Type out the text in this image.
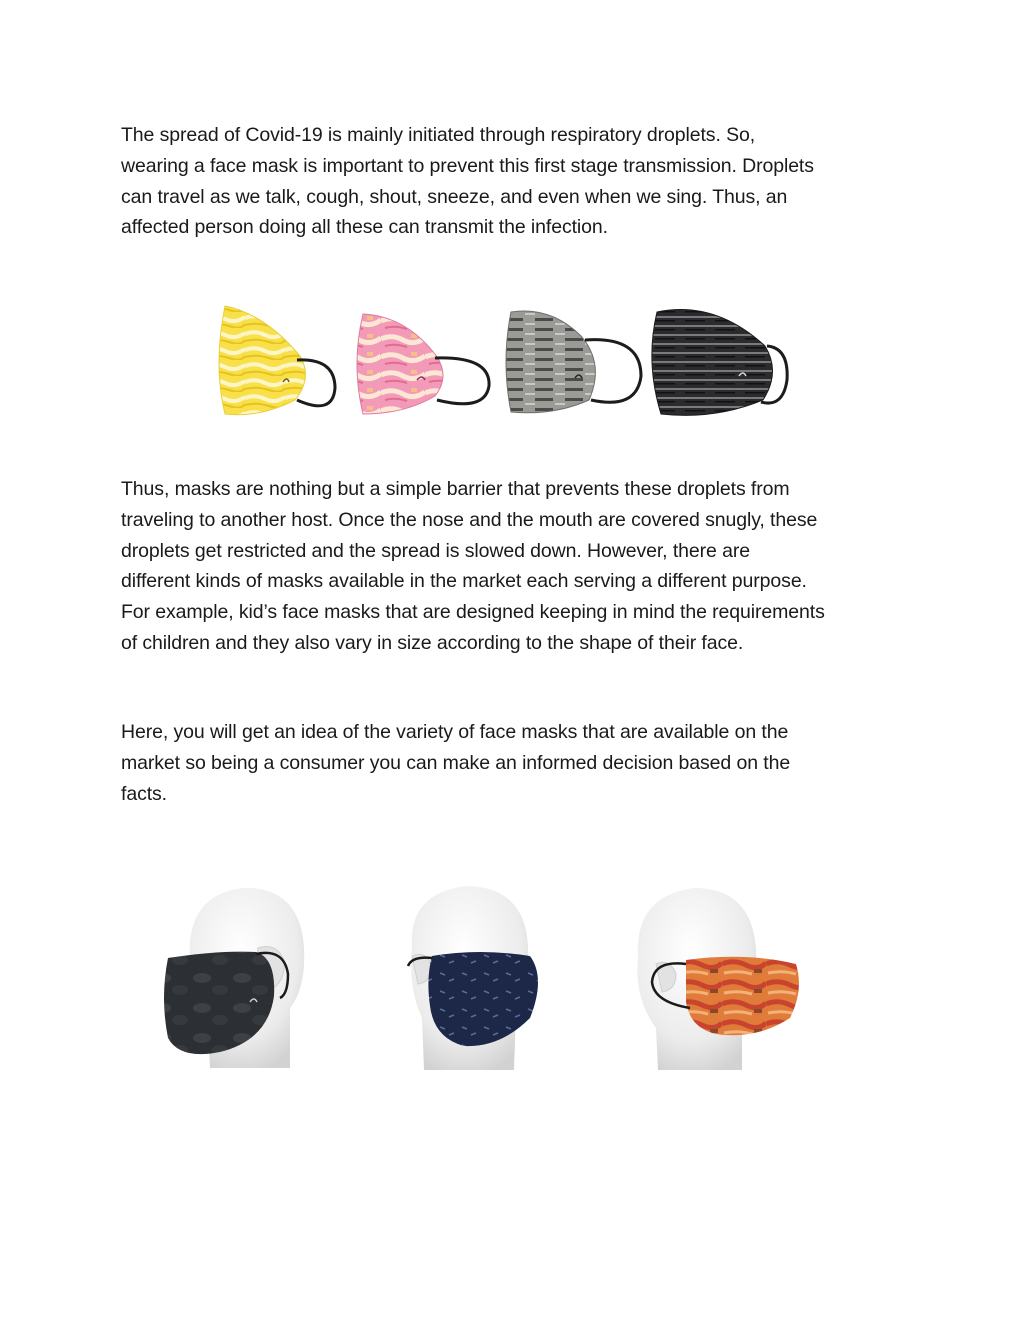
The spread of Covid-19 is mainly initiated through respiratory droplets. So,
wearing a face mask is important to prevent this first stage transmission. Droplets
can travel as we talk, cough, shout, sneeze, and even when we sing. Thus, an
affected person doing all these can transmit the infection.
Thus, masks are nothing but a simple barrier that prevents these droplets from
traveling to another host. Once the nose and the mouth are covered snugly, these
droplets get restricted and the spread is slowed down. However, there are
different kinds of masks available in the market each serving a different purpose.
For example, kid’s face masks that are designed keeping in mind the requirements
of children and they also vary in size according to the shape of their face.
Here, you will get an idea of the variety of face masks that are available on the
market so being a consumer you can make an informed decision based on the
facts.
